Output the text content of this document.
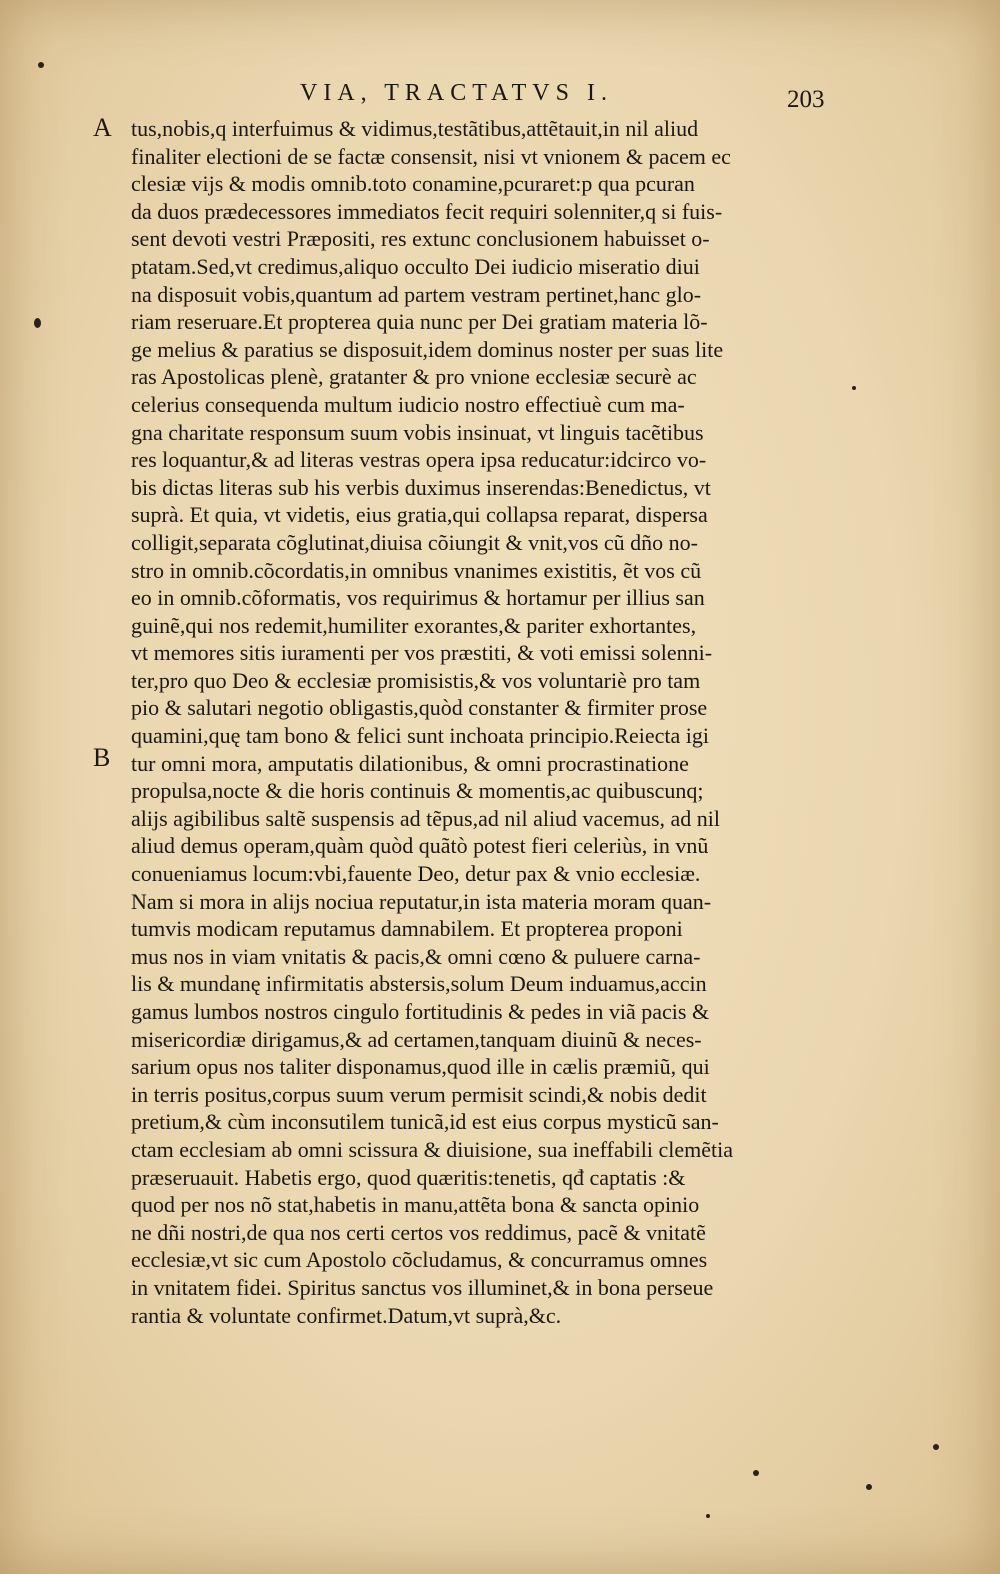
VIA, TRACTATVS I.	203
A
B
tus,nobis,q interfuimus & vidimus,testãtibus,attẽtauit,in nil aliud
finaliter electioni de se factæ consensit, nisi vt vnionem & pacem ec
clesiæ vijs & modis omnib.toto conamine,pcuraret:p qua pcuran
da duos prædecessores immediatos fecit requiri solenniter,q si fuis-
sent devoti vestri Præpositi, res extunc conclusionem habuisset o-
ptatam.Sed,vt credimus,aliquo occulto Dei iudicio miseratio diui
na disposuit vobis,quantum ad partem vestram pertinet,hanc glo-
riam reseruare.Et propterea quia nunc per Dei gratiam materia lõ-
ge melius & paratius se disposuit,idem dominus noster per suas lite
ras Apostolicas plenè, gratanter & pro vnione ecclesiæ securè ac
celerius consequenda multum iudicio nostro effectiuè cum ma-
gna charitate responsum suum vobis insinuat, vt linguis tacẽtibus
res loquantur,& ad literas vestras opera ipsa reducatur:idcirco vo-
bis dictas literas sub his verbis duximus inserendas:Benedictus, vt
suprà. Et quia, vt videtis, eius gratia,qui collapsa reparat, dispersa
colligit,separata cõglutinat,diuisa cõiungit & vnit,vos cũ dño no-
stro in omnib.cõcordatis,in omnibus vnanimes existitis, ẽt vos cũ
eo in omnib.cõformatis, vos requirimus & hortamur per illius san
guinẽ,qui nos redemit,humiliter exorantes,& pariter exhortantes,
vt memores sitis iuramenti per vos præstiti, & voti emissi solenni-
ter,pro quo Deo & ecclesiæ promisistis,& vos voluntariè pro tam
pio & salutari negotio obligastis,quòd constanter & firmiter prose
quamini,quę tam bono & felici sunt inchoata principio.Reiecta igi
tur omni mora, amputatis dilationibus, & omni procrastinatione
propulsa,nocte & die horis continuis & momentis,ac quibuscunq;
alijs agibilibus saltẽ suspensis ad tẽpus,ad nil aliud vacemus, ad nil
aliud demus operam,quàm quòd quãtò potest fieri celeriùs, in vnũ
conueniamus locum:vbi,fauente Deo, detur pax & vnio ecclesiæ.
Nam si mora in alijs nociua reputatur,in ista materia moram quan-
tumvis modicam reputamus damnabilem. Et propterea proponi
mus nos in viam vnitatis & pacis,& omni cœno & puluere carna-
lis & mundanę infirmitatis abstersis,solum Deum induamus,accin
gamus lumbos nostros cingulo fortitudinis & pedes in viã pacis &
misericordiæ dirigamus,& ad certamen,tanquam diuinũ & neces-
sarium opus nos taliter disponamus,quod ille in cælis præmiũ, qui
in terris positus,corpus suum verum permisit scindi,& nobis dedit
pretium,& cùm inconsutilem tunicã,id est eius corpus mysticũ san-
ctam ecclesiam ab omni scissura & diuisione, sua ineffabili clemẽtia
præseruauit. Habetis ergo, quod quæritis:tenetis, qđ captatis :&
quod per nos nõ stat,habetis in manu,attẽta bona & sancta opinio
ne dñi nostri,de qua nos certi certos vos reddimus, pacẽ & vnitatẽ
ecclesiæ,vt sic cum Apostolo cõcludamus, & concurramus omnes
in vnitatem fidei. Spiritus sanctus vos illuminet,& in bona perseue
rantia & voluntate confirmet.Datum,vt suprà,&c.
